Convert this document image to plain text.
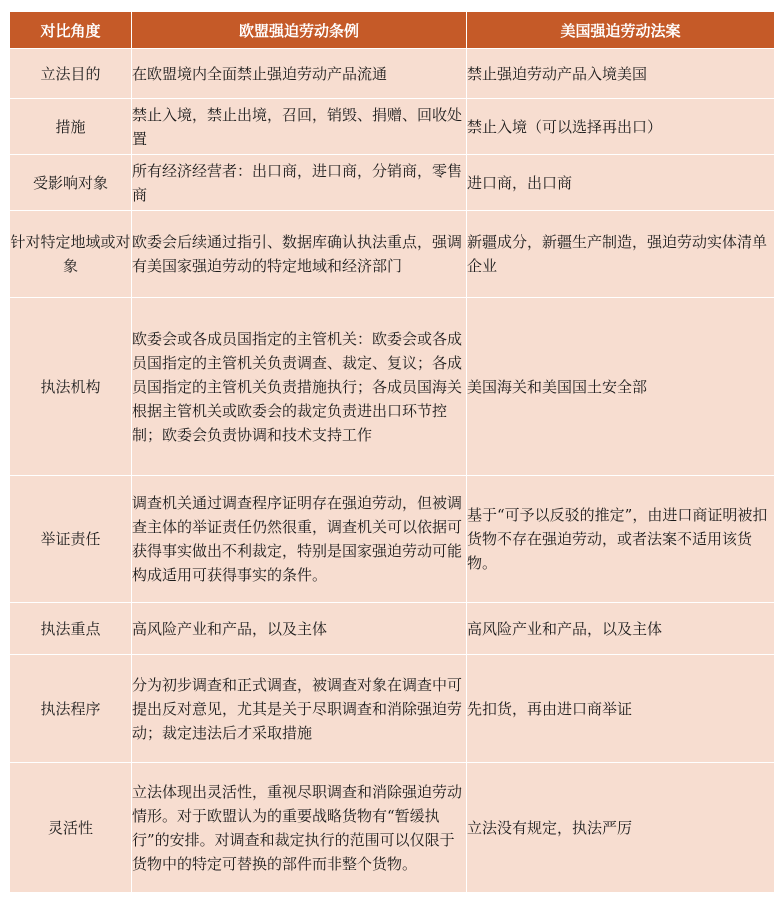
对比角度	欧盟强迫劳动条例	美国强迫劳动法案
立法目的	在欧盟境内全面禁止强迫劳动产品流通	禁止强迫劳动产品入境美国
措施	禁止入境，禁止出境，召回，销毁、捐赠、回收处置	禁止入境（可以选择再出口）
受影响对象	所有经济经营者：出口商，进口商，分销商，零售商	进口商，出口商
针对特定地域或对象	欧委会后续通过指引、数据库确认执法重点，强调有美国家强迫劳动的特定地域和经济部门	新疆成分，新疆生产制造，强迫劳动实体清单企业
执法机构	欧委会或各成员国指定的主管机关：欧委会或各成员国指定的主管机关负责调查、裁定、复议；各成员国指定的主管机关负责措施执行；各成员国海关根据主管机关或欧委会的裁定负责进出口环节控制；欧委会负责协调和技术支持工作	美国海关和美国国土安全部
举证责任	调查机关通过调查程序证明存在强迫劳动，但被调查主体的举证责任仍然很重，调查机关可以依据可获得事实做出不利裁定，特别是国家强迫劳动可能构成适用可获得事实的条件。	基于“可予以反驳的推定”，由进口商证明被扣货物不存在强迫劳动，或者法案不适用该货物。
执法重点	高风险产业和产品，以及主体	高风险产业和产品，以及主体
执法程序	分为初步调查和正式调查，被调查对象在调查中可提出反对意见，尤其是关于尽职调查和消除强迫劳动；裁定违法后才采取措施	先扣货，再由进口商举证
灵活性	立法体现出灵活性，重视尽职调查和消除强迫劳动情形。对于欧盟认为的重要战略货物有“暂缓执行”的安排。对调查和裁定执行的范围可以仅限于货物中的特定可替换的部件而非整个货物。	立法没有规定，执法严厉
